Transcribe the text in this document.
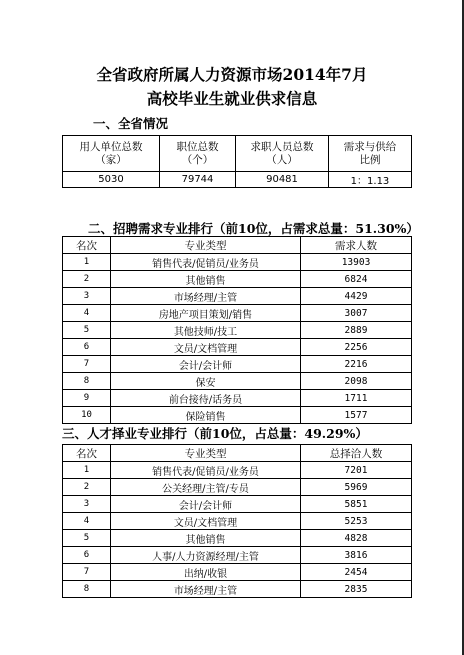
全省政府所属人力资源市场2014年7月
高校毕业生就业供求信息
一、全省情况
用人单位总数（家）	职位总数（个）	求职人员总数（人）	需求与供给比例
5030	79744	90481	1：1.13
二、招聘需求专业排行（前10位，占需求总量：51.30%）
名次	专业类型	需求人数
1	销售代表/促销员/业务员	13903
2	其他销售	6824
3	市场经理/主管	4429
4	房地产项目策划/销售	3007
5	其他技师/技工	2889
6	文员/文档管理	2256
7	会计/会计师	2216
8	保安	2098
9	前台接待/话务员	1711
10	保险销售	1577
三、人才择业专业排行（前10位，占总量：49.29%）
名次	专业类型	总择洽人数
1	销售代表/促销员/业务员	7201
2	公关经理/主管/专员	5969
3	会计/会计师	5851
4	文员/文档管理	5253
5	其他销售	4828
6	人事/人力资源经理/主管	3816
7	出纳/收银	2454
8	市场经理/主管	2835
